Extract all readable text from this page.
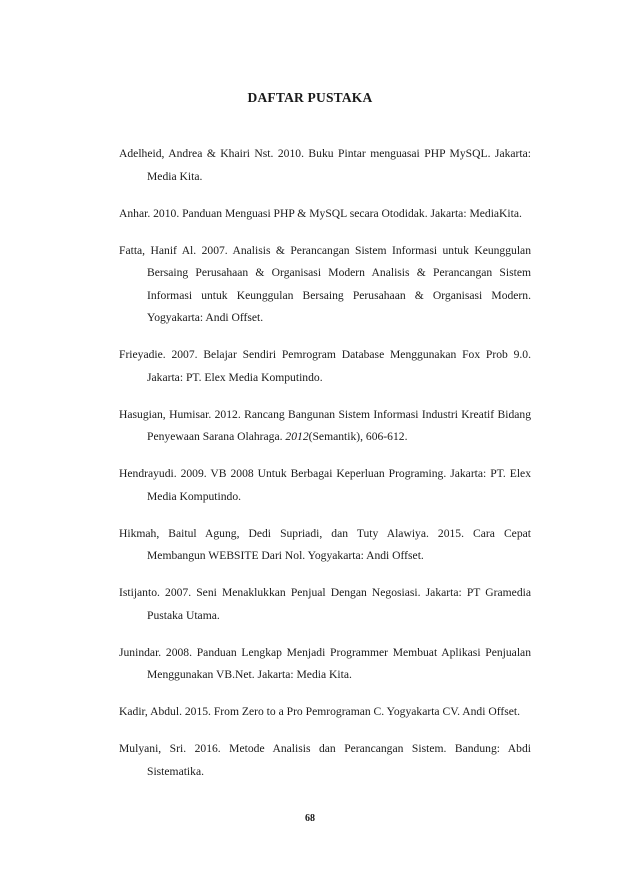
DAFTAR PUSTAKA
Adelheid, Andrea & Khairi Nst. 2010. Buku Pintar menguasai PHP MySQL. Jakarta: Media Kita.
Anhar. 2010. Panduan Menguasi PHP & MySQL secara Otodidak. Jakarta: MediaKita.
Fatta, Hanif Al. 2007. Analisis & Perancangan Sistem Informasi untuk Keunggulan Bersaing Perusahaan & Organisasi Modern Analisis & Perancangan Sistem Informasi untuk Keunggulan Bersaing Perusahaan & Organisasi Modern. Yogyakarta: Andi Offset.
Frieyadie. 2007. Belajar Sendiri Pemrogram Database Menggunakan Fox Prob 9.0. Jakarta: PT. Elex Media Komputindo.
Hasugian, Humisar. 2012. Rancang Bangunan Sistem Informasi Industri Kreatif Bidang Penyewaan Sarana Olahraga. 2012(Semantik), 606-612.
Hendrayudi. 2009. VB 2008 Untuk Berbagai Keperluan Programing. Jakarta: PT. Elex Media Komputindo.
Hikmah, Baitul Agung, Dedi Supriadi, dan Tuty Alawiya. 2015. Cara Cepat Membangun WEBSITE Dari Nol. Yogyakarta: Andi Offset.
Istijanto. 2007. Seni Menaklukkan Penjual Dengan Negosiasi. Jakarta: PT Gramedia Pustaka Utama.
Junindar. 2008. Panduan Lengkap Menjadi Programmer Membuat Aplikasi Penjualan Menggunakan VB.Net. Jakarta: Media Kita.
Kadir, Abdul. 2015. From Zero to a Pro Pemrograman C. Yogyakarta CV. Andi Offset.
Mulyani, Sri. 2016. Metode Analisis dan Perancangan Sistem. Bandung: Abdi Sistematika.
68
